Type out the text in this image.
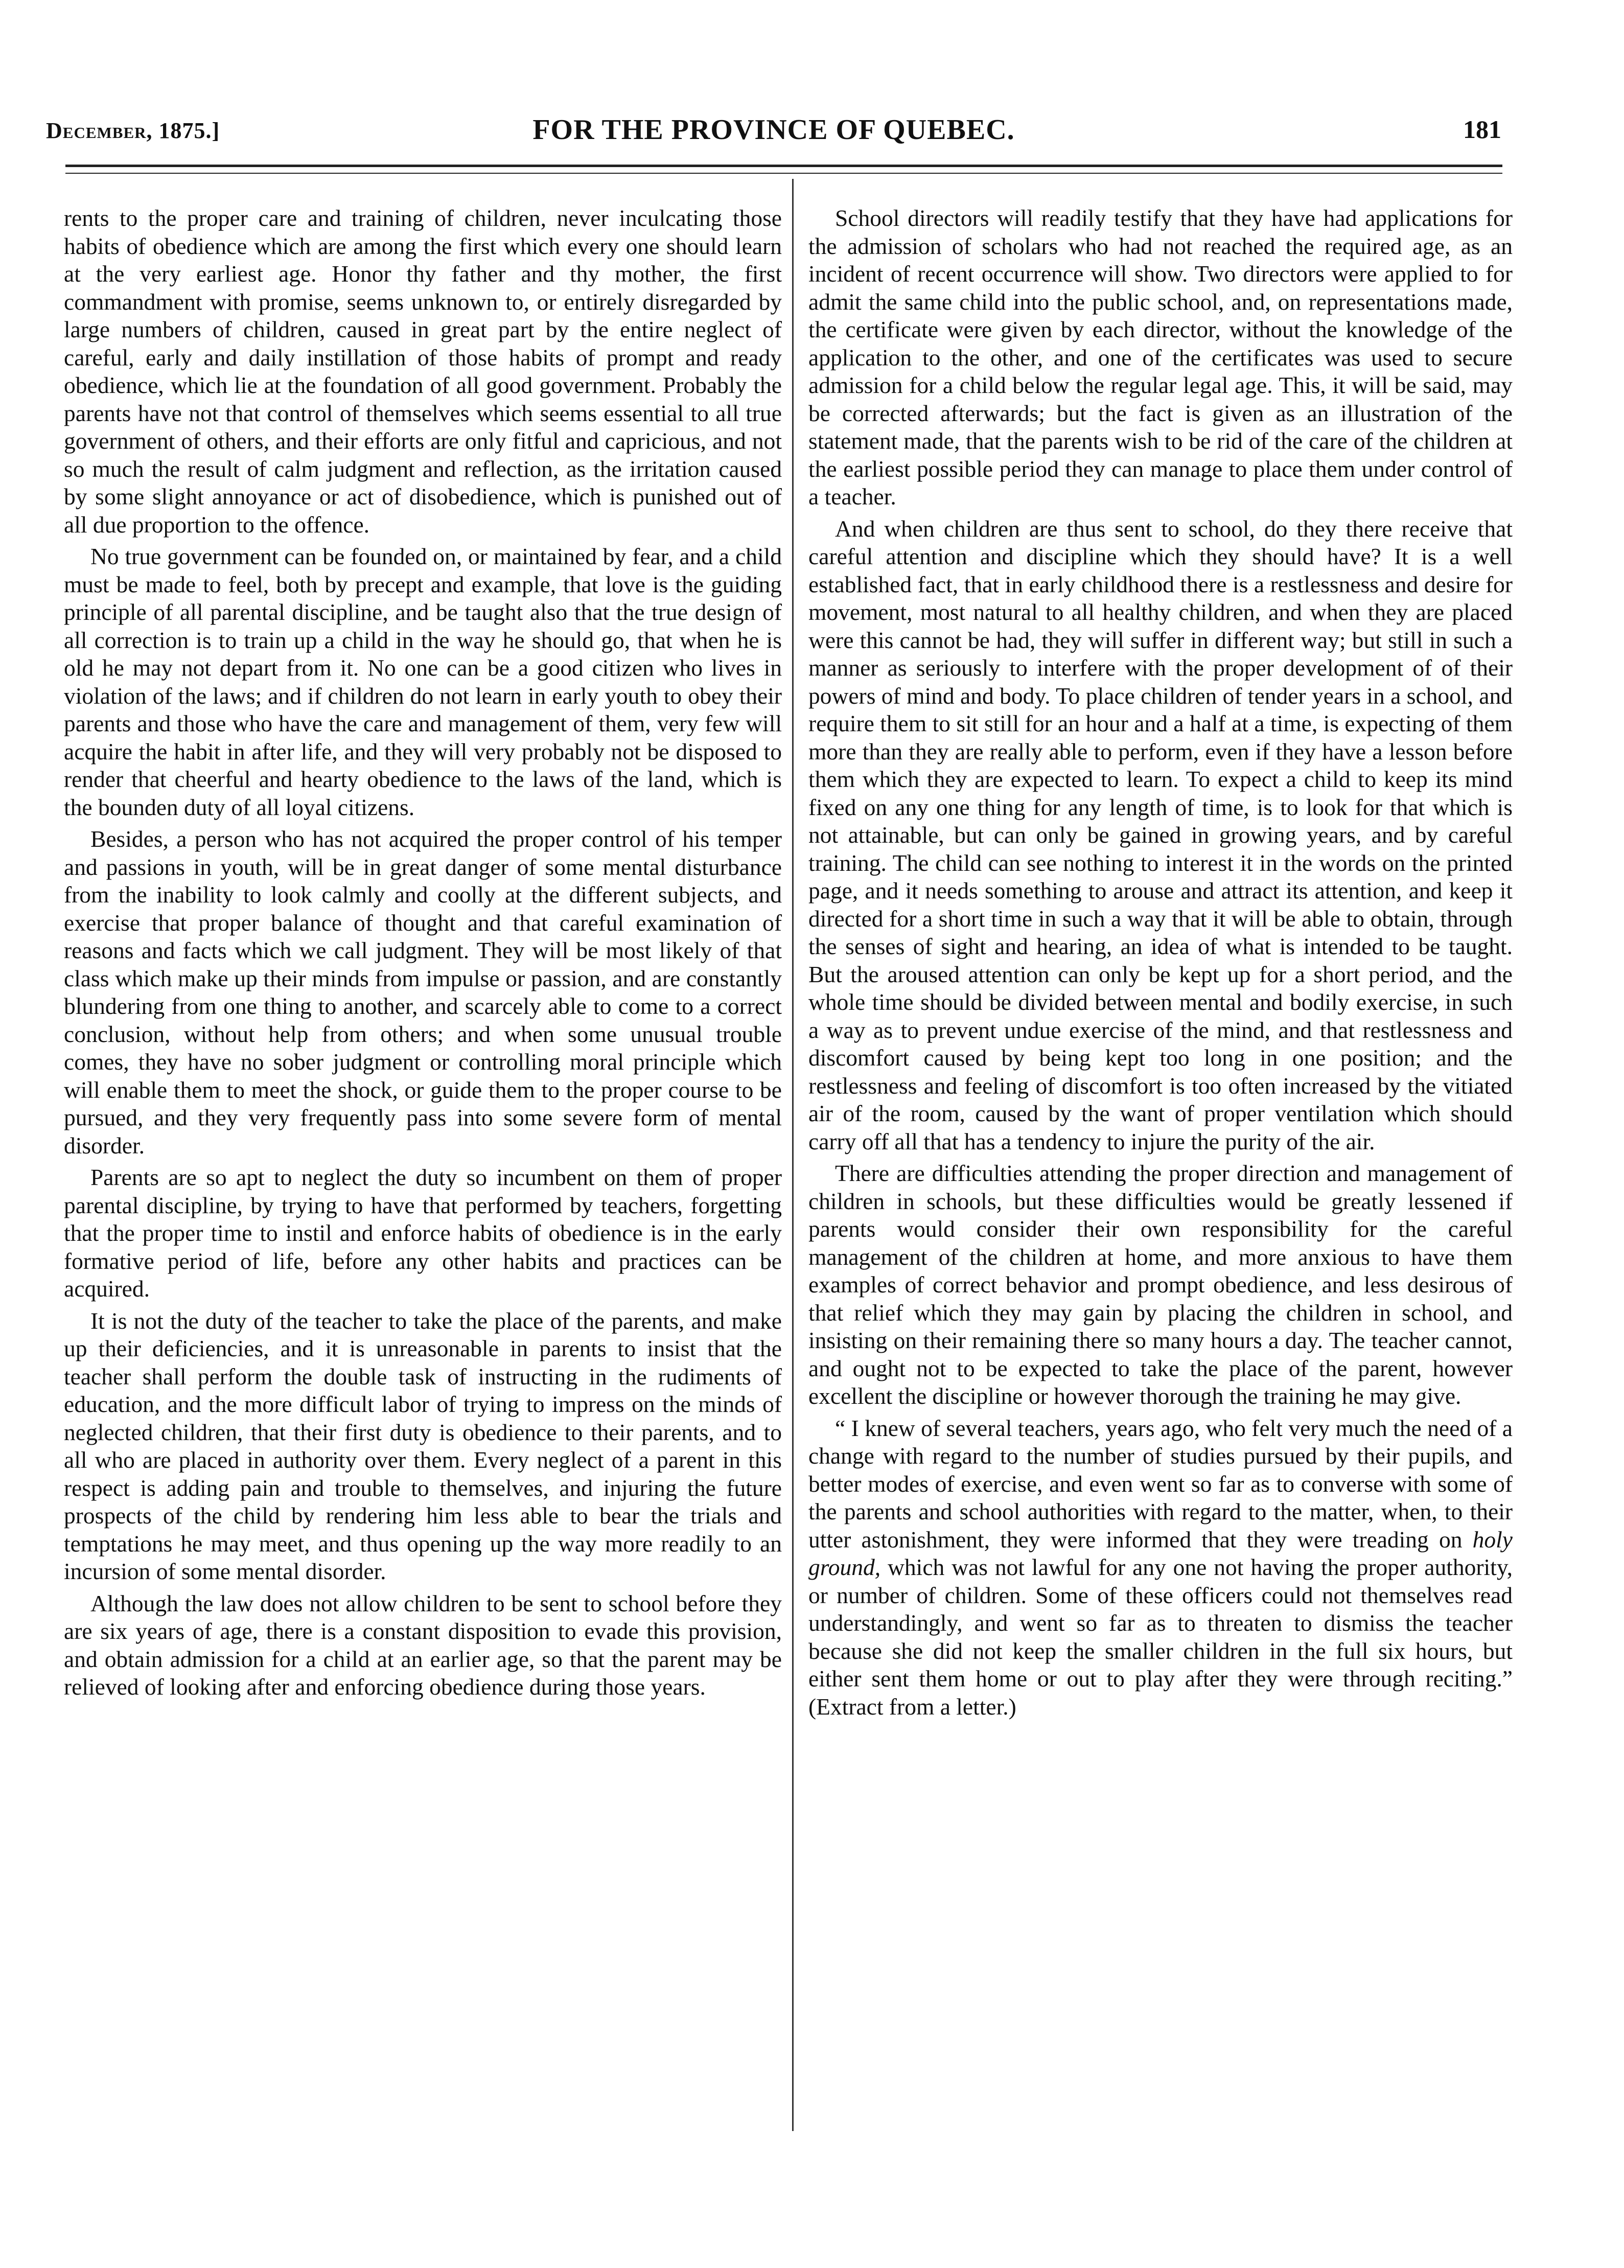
December, 1875.]	FOR THE PROVINCE OF QUEBEC.	181

rents to the proper care and training of children, never inculcating those habits of obedience which are among the first which every one should learn at the very earliest age. Honor thy father and thy mother, the first commandment with promise, seems unknown to, or entirely disregarded by large numbers of children, caused in great part by the entire neglect of careful, early and daily instillation of those habits of prompt and ready obedience, which lie at the foundation of all good government. Probably the parents have not that control of themselves which seems essential to all true government of others, and their efforts are only fitful and capricious, and not so much the result of calm judgment and reflection, as the irritation caused by some slight annoyance or act of disobedience, which is punished out of all due proportion to the offence.

No true government can be founded on, or maintained by fear, and a child must be made to feel, both by precept and example, that love is the guiding principle of all parental discipline, and be taught also that the true design of all correction is to train up a child in the way he should go, that when he is old he may not depart from it. No one can be a good citizen who lives in violation of the laws; and if children do not learn in early youth to obey their parents and those who have the care and management of them, very few will acquire the habit in after life, and they will very probably not be disposed to render that cheerful and hearty obedience to the laws of the land, which is the bounden duty of all loyal citizens.

Besides, a person who has not acquired the proper control of his temper and passions in youth, will be in great danger of some mental disturbance from the inability to look calmly and coolly at the different subjects, and exercise that proper balance of thought and that careful examination of reasons and facts which we call judgment. They will be most likely of that class which make up their minds from impulse or passion, and are constantly blundering from one thing to another, and scarcely able to come to a correct conclusion, without help from others; and when some unusual trouble comes, they have no sober judgment or controlling moral principle which will enable them to meet the shock, or guide them to the proper course to be pursued, and they very frequently pass into some severe form of mental disorder.

Parents are so apt to neglect the duty so incumbent on them of proper parental discipline, by trying to have that performed by teachers, forgetting that the proper time to instil and enforce habits of obedience is in the early formative period of life, before any other habits and practices can be acquired.

It is not the duty of the teacher to take the place of the parents, and make up their deficiencies, and it is unreasonable in parents to insist that the teacher shall perform the double task of instructing in the rudiments of education, and the more difficult labor of trying to impress on the minds of neglected children, that their first duty is obedience to their parents, and to all who are placed in authority over them. Every neglect of a parent in this respect is adding pain and trouble to themselves, and injuring the future prospects of the child by rendering him less able to bear the trials and temptations he may meet, and thus opening up the way more readily to an incursion of some mental disorder.

Although the law does not allow children to be sent to school before they are six years of age, there is a constant disposition to evade this provision, and obtain admission for a child at an earlier age, so that the parent may be relieved of looking after and enforcing obedience during those years.

School directors will readily testify that they have had applications for the admission of scholars who had not reached the required age, as an incident of recent occurrence will show. Two directors were applied to for admit the same child into the public school, and, on representations made, the certificate were given by each director, without the knowledge of the application to the other, and one of the certificates was used to secure admission for a child below the regular legal age. This, it will be said, may be corrected afterwards; but the fact is given as an illustration of the statement made, that the parents wish to be rid of the care of the children at the earliest possible period they can manage to place them under control of a teacher.

And when children are thus sent to school, do they there receive that careful attention and discipline which they should have? It is a well established fact, that in early childhood there is a restlessness and desire for movement, most natural to all healthy children, and when they are placed were this cannot be had, they will suffer in different way; but still in such a manner as seriously to interfere with the proper development of of their powers of mind and body. To place children of tender years in a school, and require them to sit still for an hour and a half at a time, is expecting of them more than they are really able to perform, even if they have a lesson before them which they are expected to learn. To expect a child to keep its mind fixed on any one thing for any length of time, is to look for that which is not attainable, but can only be gained in growing years, and by careful training. The child can see nothing to interest it in the words on the printed page, and it needs something to arouse and attract its attention, and keep it directed for a short time in such a way that it will be able to obtain, through the senses of sight and hearing, an idea of what is intended to be taught. But the aroused attention can only be kept up for a short period, and the whole time should be divided between mental and bodily exercise, in such a way as to prevent undue exercise of the mind, and that restlessness and discomfort caused by being kept too long in one position; and the restlessness and feeling of discomfort is too often increased by the vitiated air of the room, caused by the want of proper ventilation which should carry off all that has a tendency to injure the purity of the air.

There are difficulties attending the proper direction and management of children in schools, but these difficulties would be greatly lessened if parents would consider their own responsibility for the careful management of the children at home, and more anxious to have them examples of correct behavior and prompt obedience, and less desirous of that relief which they may gain by placing the children in school, and insisting on their remaining there so many hours a day. The teacher cannot, and ought not to be expected to take the place of the parent, however excellent the discipline or however thorough the training he may give.

“ I knew of several teachers, years ago, who felt very much the need of a change with regard to the number of studies pursued by their pupils, and better modes of exercise, and even went so far as to converse with some of the parents and school authorities with regard to the matter, when, to their utter astonishment, they were informed that they were treading on holy ground, which was not lawful for any one not having the proper authority, or number of children. Some of these officers could not themselves read understandingly, and went so far as to threaten to dismiss the teacher because she did not keep the smaller children in the full six hours, but either sent them home or out to play after they were through reciting.” (Extract from a letter.)
